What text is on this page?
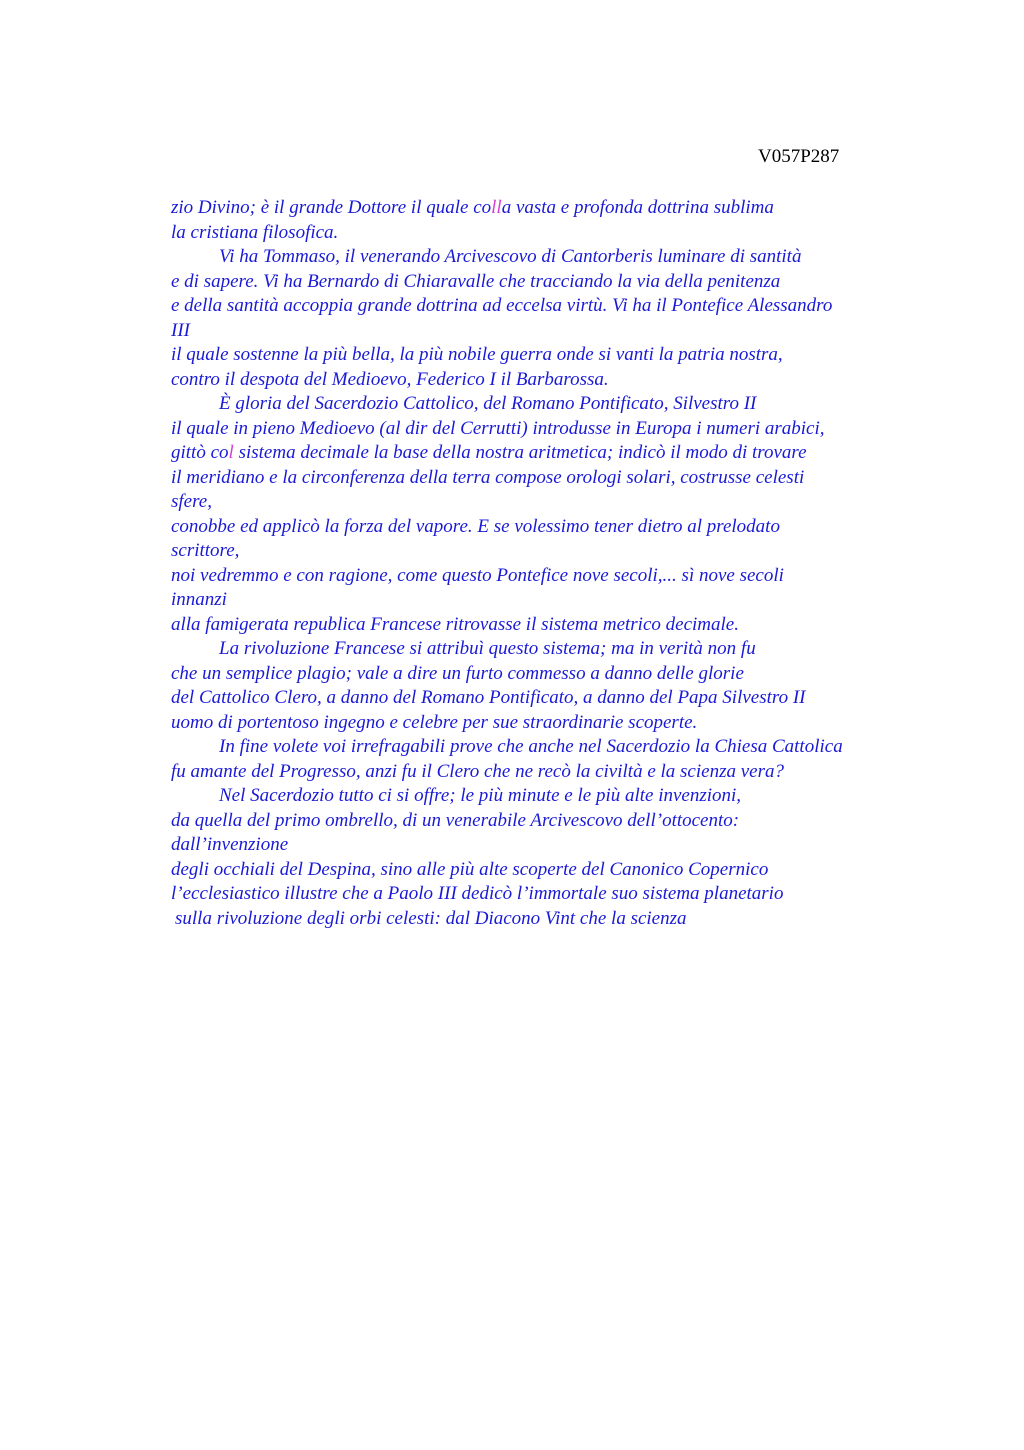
V057P287
zio Divino; è il grande Dottore il quale colla vasta e profonda dottrina sublima
la cristiana filosofica.
Vi ha Tommaso, il venerando Arcivescovo di Cantorberis luminare di santità
e di sapere. Vi ha Bernardo di Chiaravalle che tracciando la via della penitenza
e della santità accoppia grande dottrina ad eccelsa virtù. Vi ha il Pontefice Alessandro
III
il quale sostenne la più bella, la più nobile guerra onde si vanti la patria nostra,
contro il despota del Medioevo, Federico I il Barbarossa.
È gloria del Sacerdozio Cattolico, del Romano Pontificato, Silvestro II
il quale in pieno Medioevo (al dir del Cerrutti) introdusse in Europa i numeri arabici,
gittò col sistema decimale la base della nostra aritmetica; indicò il modo di trovare
il meridiano e la circonferenza della terra compose orologi solari, costrusse celesti
sfere,
conobbe ed applicò la forza del vapore. E se volessimo tener dietro al prelodato
scrittore,
noi vedremmo e con ragione, come questo Pontefice nove secoli,... sì nove secoli
innanzi
alla famigerata republica Francese ritrovasse il sistema metrico decimale.
La rivoluzione Francese si attribuì questo sistema; ma in verità non fu
che un semplice plagio; vale a dire un furto commesso a danno delle glorie
del Cattolico Clero, a danno del Romano Pontificato, a danno del Papa Silvestro II
uomo di portentoso ingegno e celebre per sue straordinarie scoperte.
In fine volete voi irrefragabili prove che anche nel Sacerdozio la Chiesa Cattolica
fu amante del Progresso, anzi fu il Clero che ne recò la civiltà e la scienza vera?
Nel Sacerdozio tutto ci si offre; le più minute e le più alte invenzioni,
da quella del primo ombrello, di un venerabile Arcivescovo dell’ottocento:
dall’invenzione
degli occhiali del Despina, sino alle più alte scoperte del Canonico Copernico
l’ecclesiastico illustre che a Paolo III dedicò l’immortale suo sistema planetario
sulla rivoluzione degli orbi celesti: dal Diacono Vint che la scienza
